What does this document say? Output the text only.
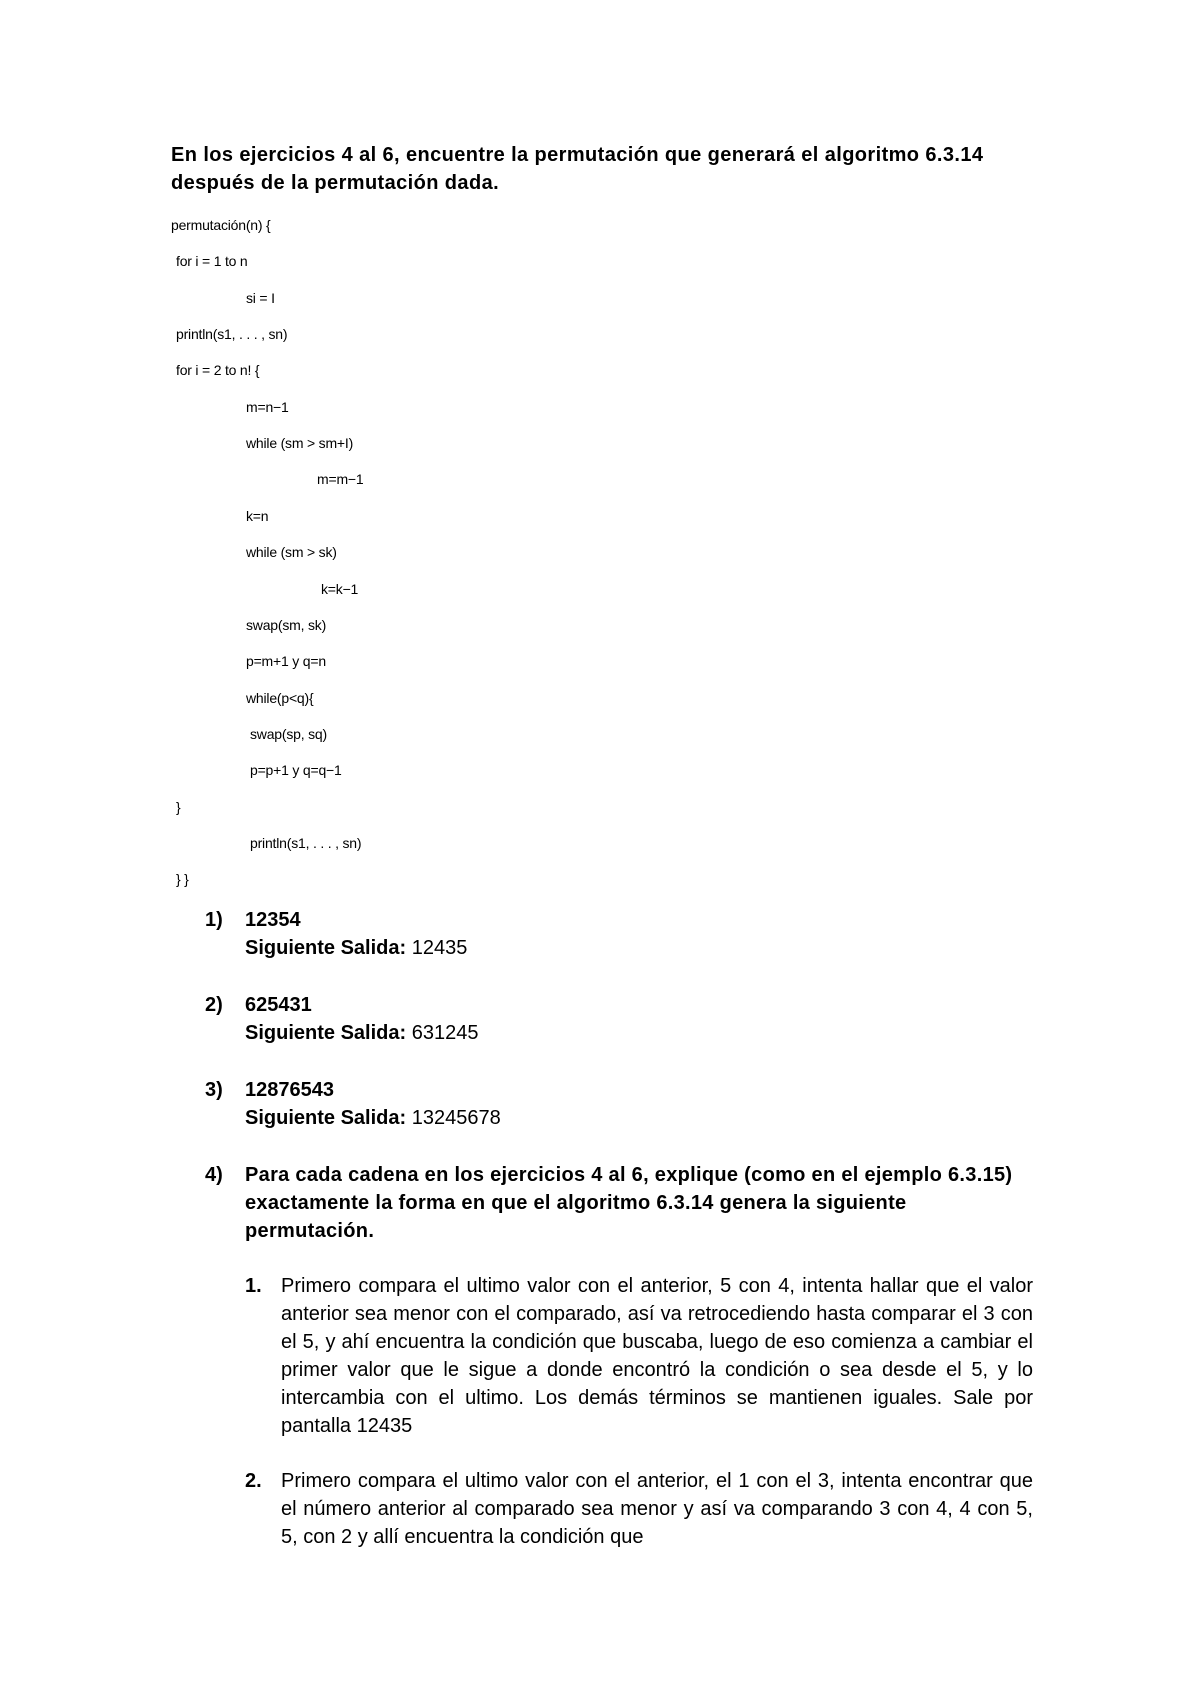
En los ejercicios 4 al 6, encuentre la permutación que generará el algoritmo 6.3.14 después de la permutación dada.

permutación(n) {
for i = 1 to n
si = I
println(s1, . . . , sn)
for i = 2 to n! {
m=n−1
while (sm > sm+I)
m=m−1
k=n
while (sm > sk)
k=k−1
swap(sm, sk)
p=m+1 y q=n
while(p<q){
swap(sp, sq)
p=p+1 y q=q−1
}
println(s1, . . . , sn)
} }
1) 12354
Siguiente Salida: 12435
2) 625431
Siguiente Salida: 631245
3) 12876543
Siguiente Salida: 13245678
4) Para cada cadena en los ejercicios 4 al 6, explique (como en el ejemplo 6.3.15) exactamente la forma en que el algoritmo 6.3.14 genera la siguiente permutación.
1. Primero compara el ultimo valor con el anterior, 5 con 4, intenta hallar que el valor anterior sea menor con el comparado, así va retrocediendo hasta comparar el 3 con el 5, y ahí encuentra la condición que buscaba, luego de eso comienza a cambiar el primer valor que le sigue a donde encontró la condición o sea desde el 5, y lo intercambia con el ultimo. Los demás términos se mantienen iguales. Sale por pantalla 12435
2. Primero compara el ultimo valor con el anterior, el 1 con el 3, intenta encontrar que el número anterior al comparado sea menor y así va comparando 3 con 4, 4 con 5, 5, con 2 y allí encuentra la condición que
